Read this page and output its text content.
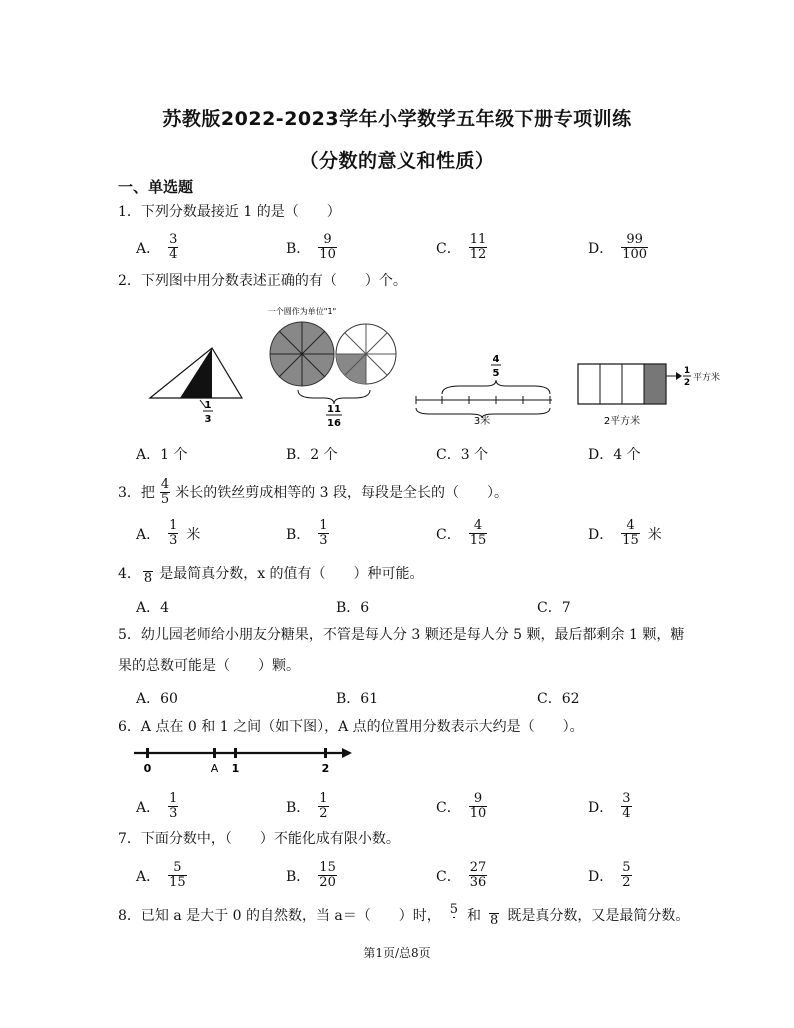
苏教版2022-2023学年小学数学五年级下册专项训练
（分数的意义和性质）
一、单选题
1．下列分数最接近 1 的是（　　）
A． $\frac{3}{4}$	B． $\frac{9}{10}$	C． $\frac{11}{12}$	D． $\frac{99}{100}$
2．下列图中用分数表述正确的有（　　）个。
1
3
一个圆作为单位"1"
11
16
4
5
3米
1
2 平方米
2平方米
A．1 个	B．2 个	C．3 个	D．4 个
3．把 $\frac{4}{5}$ 米长的铁丝剪成相等的 3 段，每段是全长的（　　）。
A． $\frac{1}{3}$ 米	B． $\frac{1}{3}$	C． $\frac{4}{15}$	D． $\frac{4}{15}$ 米
4． 8 是最简真分数，x 的值有（　　）种可能。
A．4	B．6	C．7
5．幼儿园老师给小朋友分糖果，不管是每人分 3 颗还是每人分 5 颗，最后都剩余 1 颗，糖
果的总数可能是（　　）颗。
A．60	B．61	C．62
6．A 点在 0 和 1 之间（如下图），A 点的位置用分数表示大约是（　　）。
0	A 1	2
A． $\frac{1}{3}$	B． $\frac{1}{2}$	C． $\frac{9}{10}$	D． $\frac{3}{4}$
7．下面分数中，（　　）不能化成有限小数。
A． $\frac{5}{15}$	B． $\frac{15}{20}$	C． $\frac{27}{36}$	D． $\frac{5}{2}$
8．已知 a 是大于 0 的自然数，当 a＝（　　）时， 5 和 8 既是真分数，又是最简分数。
第1页/总8页
